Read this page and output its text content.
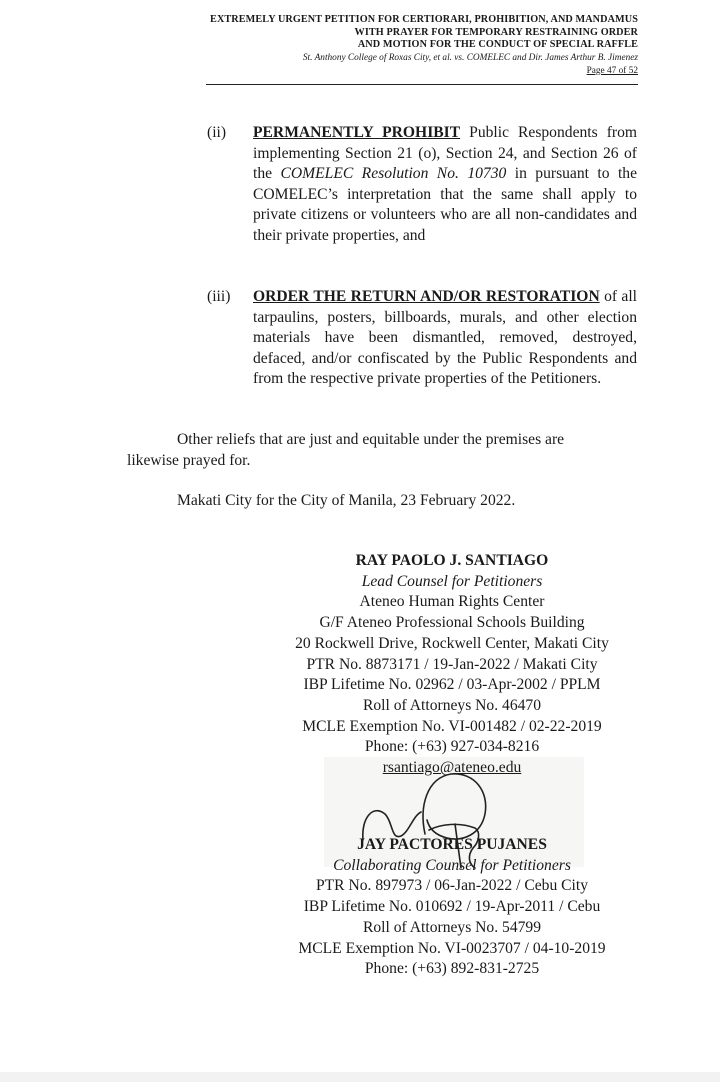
EXTREMELY URGENT PETITION FOR CERTIORARI, PROHIBITION, AND MANDAMUS
WITH PRAYER FOR TEMPORARY RESTRAINING ORDER
AND MOTION FOR THE CONDUCT OF SPECIAL RAFFLE
St. Anthony College of Roxas City, et al. vs. COMELEC and Dir. James Arthur B. Jimenez
Page 47 of 52
(ii) PERMANENTLY PROHIBIT Public Respondents from implementing Section 21 (o), Section 24, and Section 26 of the COMELEC Resolution No. 10730 in pursuant to the COMELEC’s interpretation that the same shall apply to private citizens or volunteers who are all non-candidates and their private properties, and
(iii) ORDER THE RETURN AND/OR RESTORATION of all tarpaulins, posters, billboards, murals, and other election materials have been dismantled, removed, destroyed, defaced, and/or confiscated by the Public Respondents and from the respective private properties of the Petitioners.
Other reliefs that are just and equitable under the premises are
likewise prayed for.
Makati City for the City of Manila, 23 February 2022.
RAY PAOLO J. SANTIAGO
Lead Counsel for Petitioners
Ateneo Human Rights Center
G/F Ateneo Professional Schools Building
20 Rockwell Drive, Rockwell Center, Makati City
PTR No. 8873171 / 19-Jan-2022 / Makati City
IBP Lifetime No. 02962 / 03-Apr-2002 / PPLM
Roll of Attorneys No. 46470
MCLE Exemption No. VI-001482 / 02-22-2019
Phone: (+63) 927-034-8216
rsantiago@ateneo.edu
JAY PACTORES PUJANES
Collaborating Counsel for Petitioners
PTR No. 897973 / 06-Jan-2022 / Cebu City
IBP Lifetime No. 010692 / 19-Apr-2011 / Cebu
Roll of Attorneys No. 54799
MCLE Exemption No. VI-0023707 / 04-10-2019
Phone: (+63) 892-831-2725
